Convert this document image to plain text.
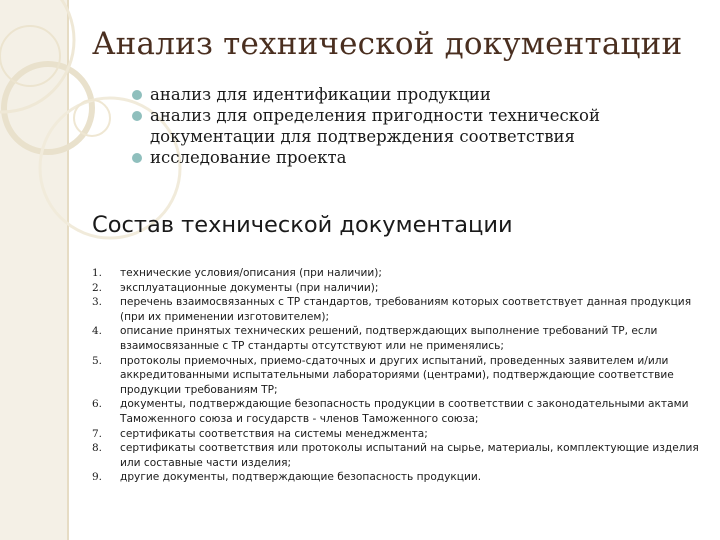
Анализ технической документации
анализ для идентификации продукции
анализ для определения пригодности технической документации для подтверждения соответствия
исследование проекта
Состав технической документации
1. технические условия/описания (при наличии);
2. эксплуатационные документы (при наличии);
3. перечень взаимосвязанных с ТР стандартов, требованиям которых соответствует данная продукция (при их применении изготовителем);
4. описание принятых технических решений, подтверждающих выполнение требований ТР, если взаимосвязанные с ТР стандарты отсутствуют или не применялись;
5. протоколы приемочных, приемо-сдаточных и других испытаний, проведенных заявителем и/или аккредитованными испытательными лабораториями (центрами), подтверждающие соответствие продукции требованиям ТР;
6. документы, подтверждающие безопасность продукции в соответствии с законодательными актами Таможенного союза и государств - членов Таможенного союза;
7. сертификаты соответствия на системы менеджмента;
8. сертификаты соответствия или протоколы испытаний на сырье, материалы, комплектующие изделия или составные части изделия;
9. другие документы, подтверждающие безопасность продукции.
